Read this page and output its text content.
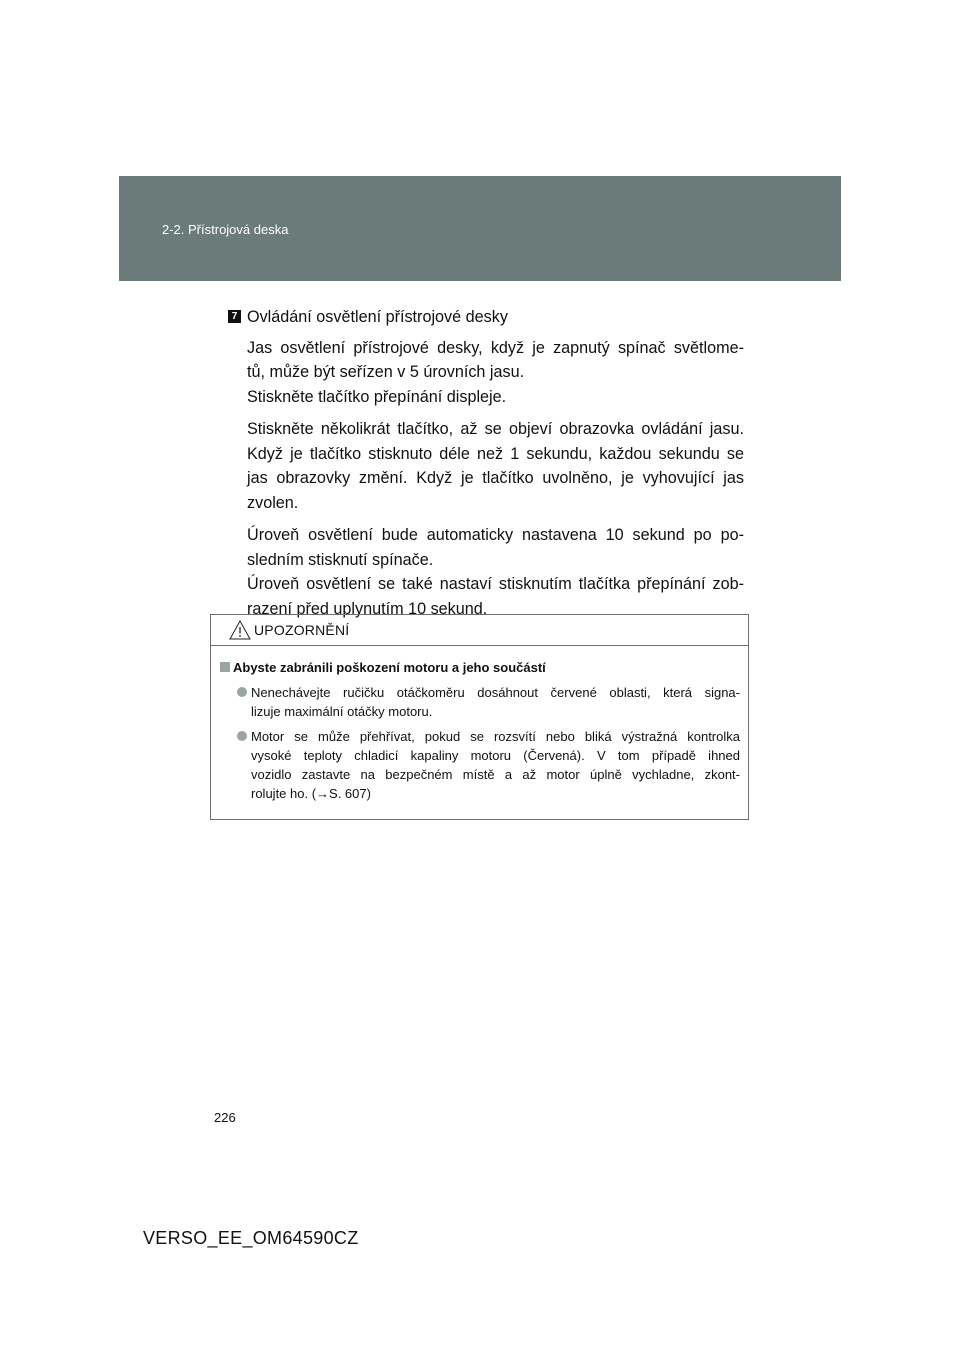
2-2. Přístrojová deska

7 Ovládání osvětlení přístrojové desky

Jas osvětlení přístrojové desky, když je zapnutý spínač světlome-
tů, může být seřízen v 5 úrovních jasu.
Stiskněte tlačítko přepínání displeje.

Stiskněte několikrát tlačítko, až se objeví obrazovka ovládání jasu.
Když je tlačítko stisknuto déle než 1 sekundu, každou sekundu se
jas obrazovky změní. Když je tlačítko uvolněno, je vyhovující jas
zvolen.

Úroveň osvětlení bude automaticky nastavena 10 sekund po po-
sledním stisknutí spínače.
Úroveň osvětlení se také nastaví stisknutím tlačítka přepínání zob-
razení před uplynutím 10 sekund.

UPOZORNĚNÍ

Abyste zabránili poškození motoru a jeho součástí

Nenechávejte ručičku otáčkoměru dosáhnout červené oblasti, která signa-
lizuje maximální otáčky motoru.

Motor se může přehřívat, pokud se rozsvítí nebo bliká výstražná kontrolka
vysoké teploty chladicí kapaliny motoru (Červená). V tom případě ihned
vozidlo zastavte na bezpečném místě a až motor úplně vychladne, zkont-
rolujte ho. (→S. 607)

226
VERSO_EE_OM64590CZ
